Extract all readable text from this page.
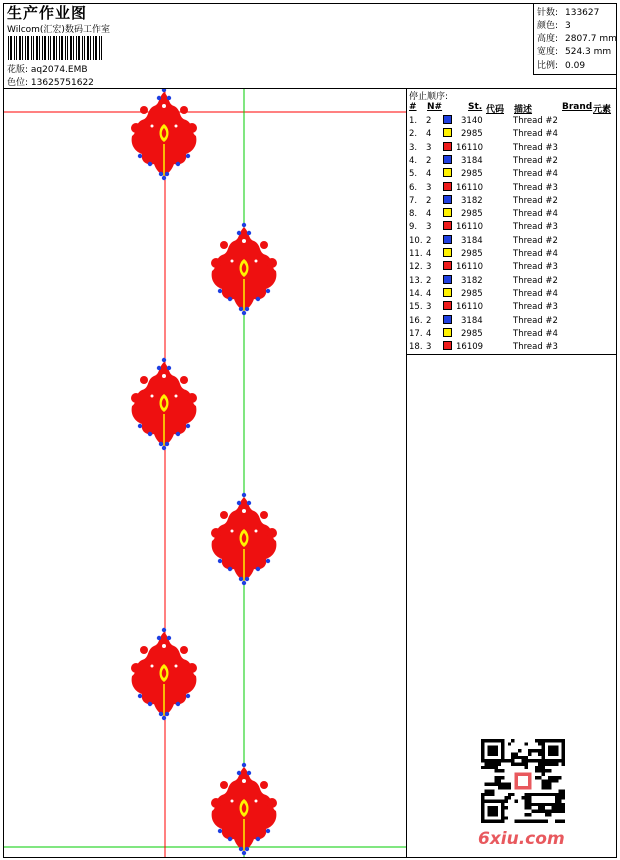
生产作业图
Wilcom(汇宏)数码工作室
花版: aq2074.EMB
色位: 13625751622
针数: 133627
颜色: 3
高度: 2807.7 mm
宽度: 524.3 mm
比例: 0.09
停止顺序:
# N#	St. 代码 描述	Brand 元素
1. 2	3140	Thread #2
2. 4	2985	Thread #4
3. 3	16110	Thread #3
4. 2	3184	Thread #2
5. 4	2985	Thread #4
6. 3	16110	Thread #3
7. 2	3182	Thread #2
8. 4	2985	Thread #4
9. 3	16110	Thread #3
10. 2	3184	Thread #2
11. 4	2985	Thread #4
12. 3	16110	Thread #3
13. 2	3182	Thread #2
14. 4	2985	Thread #4
15. 3	16110	Thread #3
16. 2	3184	Thread #2
17. 4	2985	Thread #4
18. 3	16109	Thread #3
6xiu.com
